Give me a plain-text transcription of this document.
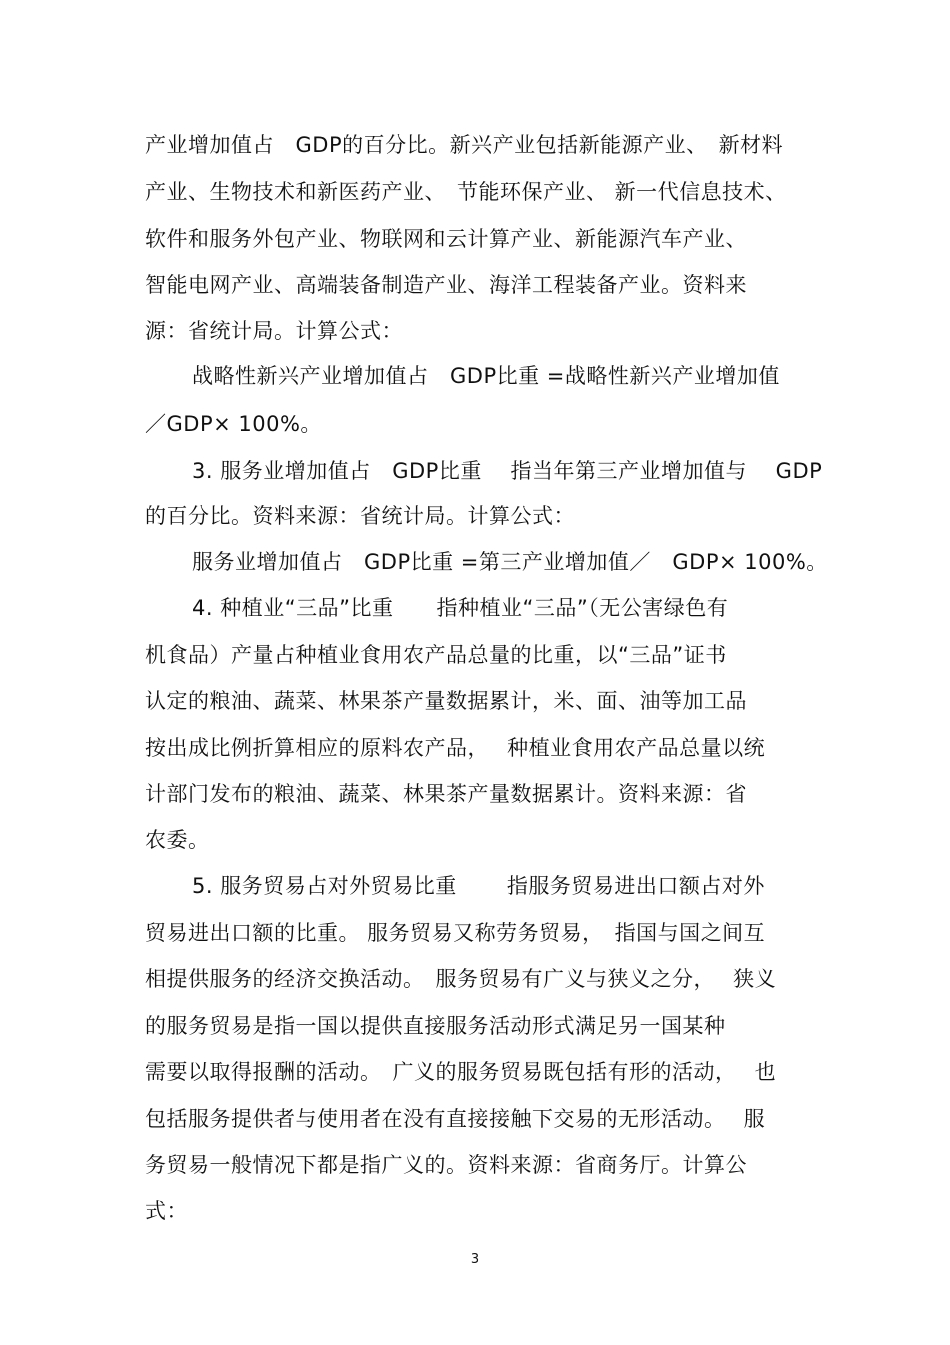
产业增加值占　GDP的百分比。新兴产业包括新能源产业、　新材料
产业、生物技术和新医药产业、　节能环保产业、 新一代信息技术、
软件和服务外包产业、物联网和云计算产业、新能源汽车产业、
智能电网产业、高端装备制造产业、海洋工程装备产业。资料来
源：省统计局。计算公式：
战略性新兴产业增加值占　GDP比重 =战略性新兴产业增加值
／GDP× 100%。
3. 服务业增加值占　GDP比重　 指当年第三产业增加值与　 GDP
的百分比。资料来源：省统计局。计算公式：
服务业增加值占　GDP比重 =第三产业增加值／　GDP× 100%。
4. 种植业“三品”比重　　指种植业“三品”（无公害绿色有
机食品）产量占种植业食用农产品总量的比重，以“三品”证书
认定的粮油、蔬菜、林果茶产量数据累计，米、面、油等加工品
按出成比例折算相应的原料农产品，　 种植业食用农产品总量以统
计部门发布的粮油、蔬菜、林果茶产量数据累计。资料来源：省
农委。
5. 服务贸易占对外贸易比重　　 指服务贸易进出口额占对外
贸易进出口额的比重。 服务贸易又称劳务贸易，　指国与国之间互
相提供服务的经济交换活动。　服务贸易有广义与狭义之分，　 狭义
的服务贸易是指一国以提供直接服务活动形式满足另一国某种
需要以取得报酬的活动。　广义的服务贸易既包括有形的活动，　 也
包括服务提供者与使用者在没有直接接触下交易的无形活动。　 服
务贸易一般情况下都是指广义的。资料来源：省商务厅。计算公
式：
3
